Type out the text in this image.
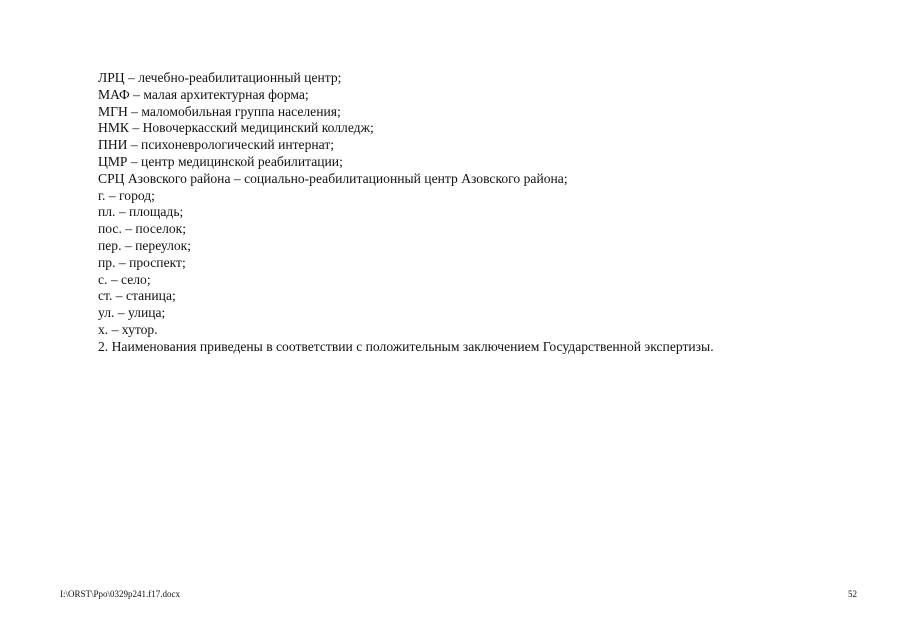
ЛРЦ – лечебно-реабилитационный центр;
МАФ – малая архитектурная форма;
МГН – маломобильная группа населения;
НМК – Новочеркасский медицинский колледж;
ПНИ – психоневрологический интернат;
ЦМР – центр медицинской реабилитации;
СРЦ Азовского района – социально-реабилитационный центр Азовского района;
г. – город;
пл. – площадь;
пос. – поселок;
пер. – переулок;
пр. – проспект;
с. – село;
ст. – станица;
ул. – улица;
х. – хутор.
2. Наименования приведены в соответствии с положительным заключением Государственной экспертизы.
I:\ORST\Ppo\0329p241.f17.docx	52
